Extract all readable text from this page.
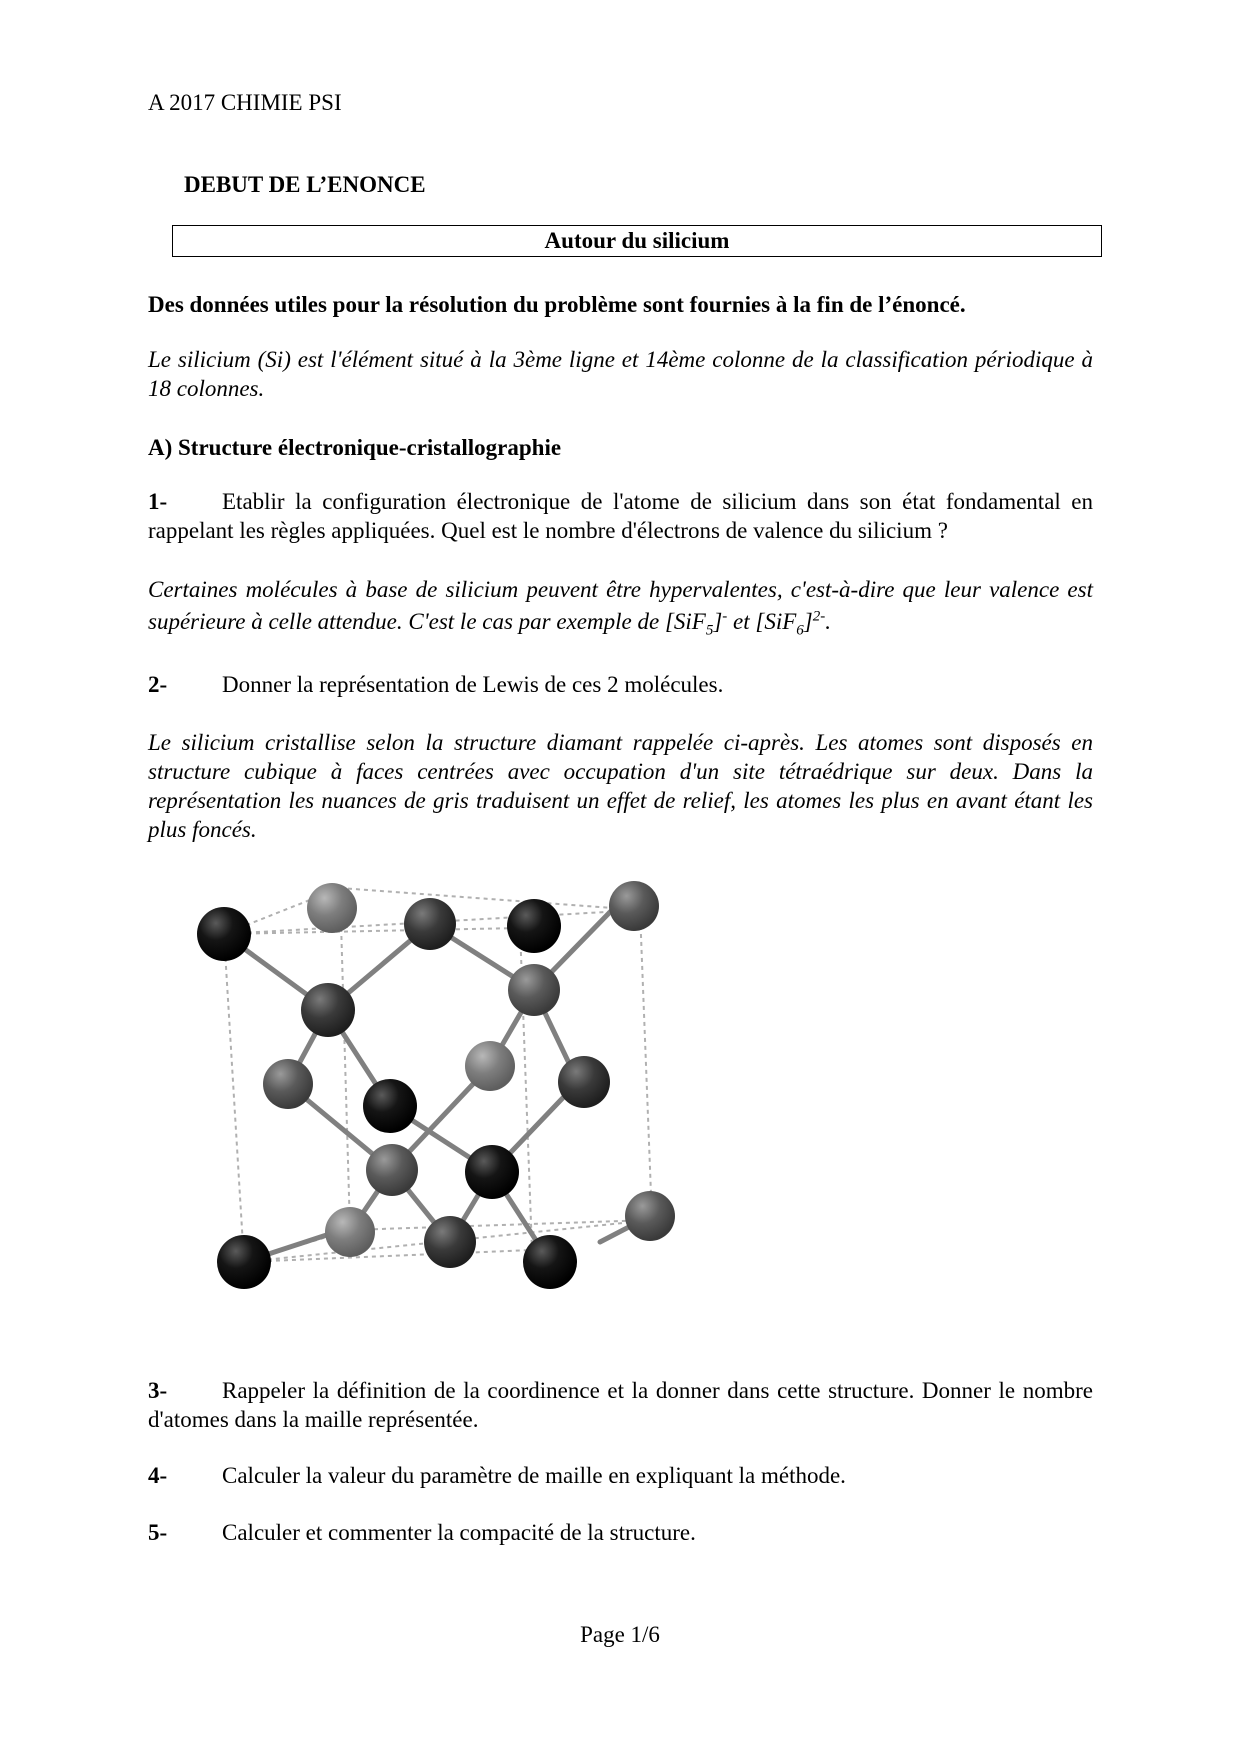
A 2017 CHIMIE PSI
DEBUT DE L’ENONCE
Autour du silicium
Des données utiles pour la résolution du problème sont fournies à la fin de l’énoncé.
Le silicium (Si) est l'élément situé à la 3ème ligne et 14ème colonne de la classification périodique à 18 colonnes.
A) Structure électronique-cristallographie
1- Etablir la configuration électronique de l'atome de silicium dans son état fondamental en rappelant les règles appliquées. Quel est le nombre d'électrons de valence du silicium ?
Certaines molécules à base de silicium peuvent être hypervalentes, c'est-à-dire que leur valence est supérieure à celle attendue. C'est le cas par exemple de [SiF$_5$]- et $[SiF_6]^{2-}$.
2- Donner la représentation de Lewis de ces 2 molécules.
Le silicium cristallise selon la structure diamant rappelée ci-après. Les atomes sont disposés en structure cubique à faces centrées avec occupation d'un site tétraédrique sur deux. Dans la représentation les nuances de gris traduisent un effet de relief, les atomes les plus en avant étant les plus foncés.
3- Rappeler la définition de la coordinence et la donner dans cette structure. Donner le nombre d'atomes dans la maille représentée.
4- Calculer la valeur du paramètre de maille en expliquant la méthode.
5- Calculer et commenter la compacité de la structure.
Page 1/6
